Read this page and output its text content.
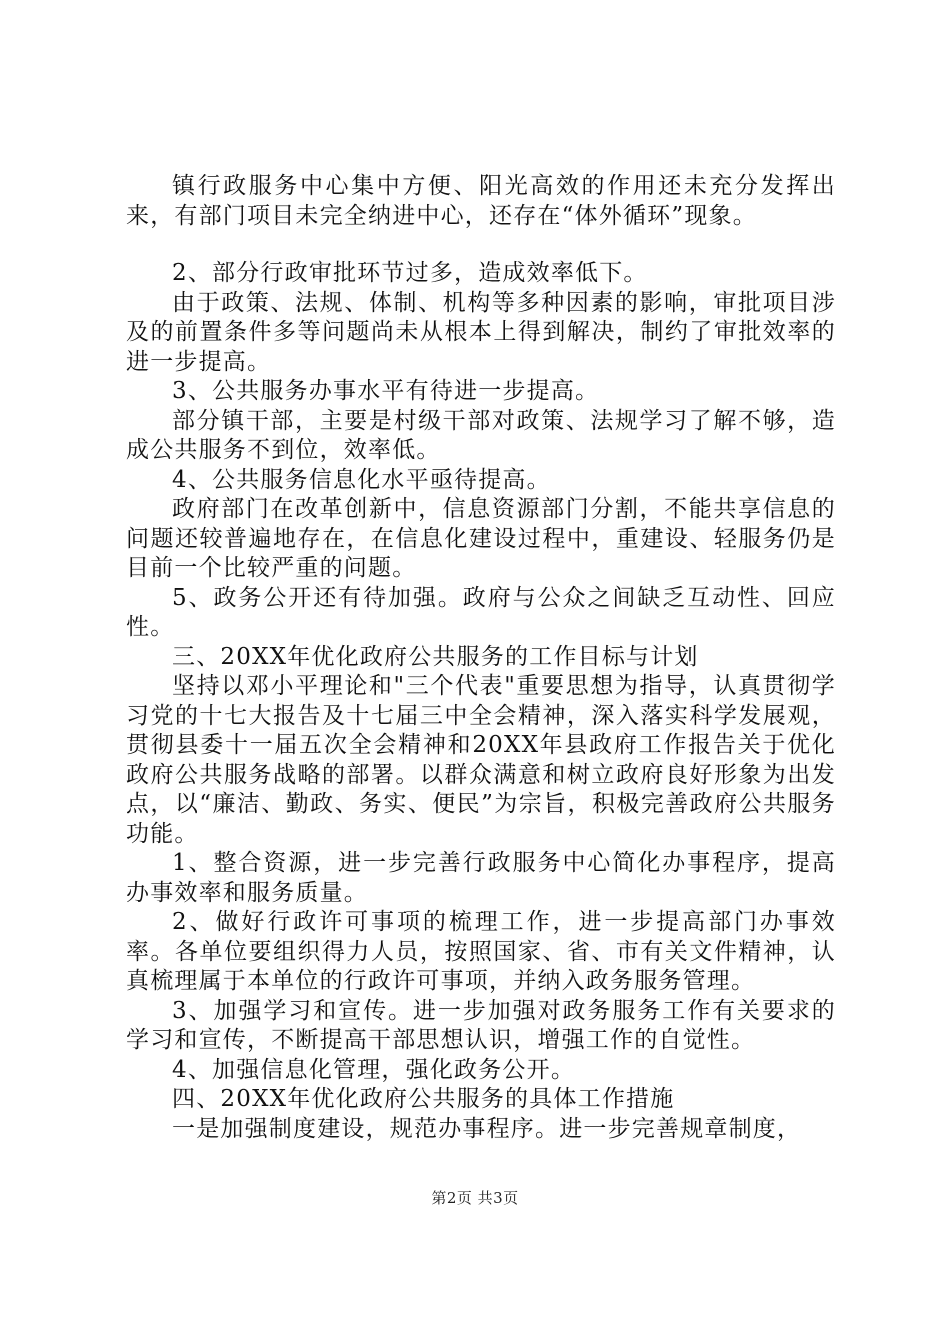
镇行政服务中心集中方便、阳光高效的作用还未充分发挥出来，有部门项目未完全纳进中心，还存在“体外循环”现象。

2、部分行政审批环节过多，造成效率低下。

由于政策、法规、体制、机构等多种因素的影响，审批项目涉及的前置条件多等问题尚未从根本上得到解决，制约了审批效率的进一步提高。

3、公共服务办事水平有待进一步提高。

部分镇干部，主要是村级干部对政策、法规学习了解不够，造成公共服务不到位，效率低。

4、公共服务信息化水平亟待提高。

政府部门在改革创新中，信息资源部门分割，不能共享信息的问题还较普遍地存在，在信息化建设过程中，重建设、轻服务仍是目前一个比较严重的问题。

5、政务公开还有待加强。政府与公众之间缺乏互动性、回应性。

三、20XX年优化政府公共服务的工作目标与计划

坚持以邓小平理论和"三个代表"重要思想为指导，认真贯彻学习党的十七大报告及十七届三中全会精神，深入落实科学发展观，贯彻县委十一届五次全会精神和20XX年县政府工作报告关于优化政府公共服务战略的部署。以群众满意和树立政府良好形象为出发点，以“廉洁、勤政、务实、便民”为宗旨，积极完善政府公共服务功能。

1、整合资源，进一步完善行政服务中心简化办事程序，提高办事效率和服务质量。

2、做好行政许可事项的梳理工作，进一步提高部门办事效率。各单位要组织得力人员，按照国家、省、市有关文件精神，认真梳理属于本单位的行政许可事项，并纳入政务服务管理。

3、加强学习和宣传。进一步加强对政务服务工作有关要求的学习和宣传，不断提高干部思想认识，增强工作的自觉性。

4、加强信息化管理，强化政务公开。

四、20XX年优化政府公共服务的具体工作措施

一是加强制度建设，规范办事程序。进一步完善规章制度，

第2页 共3页
